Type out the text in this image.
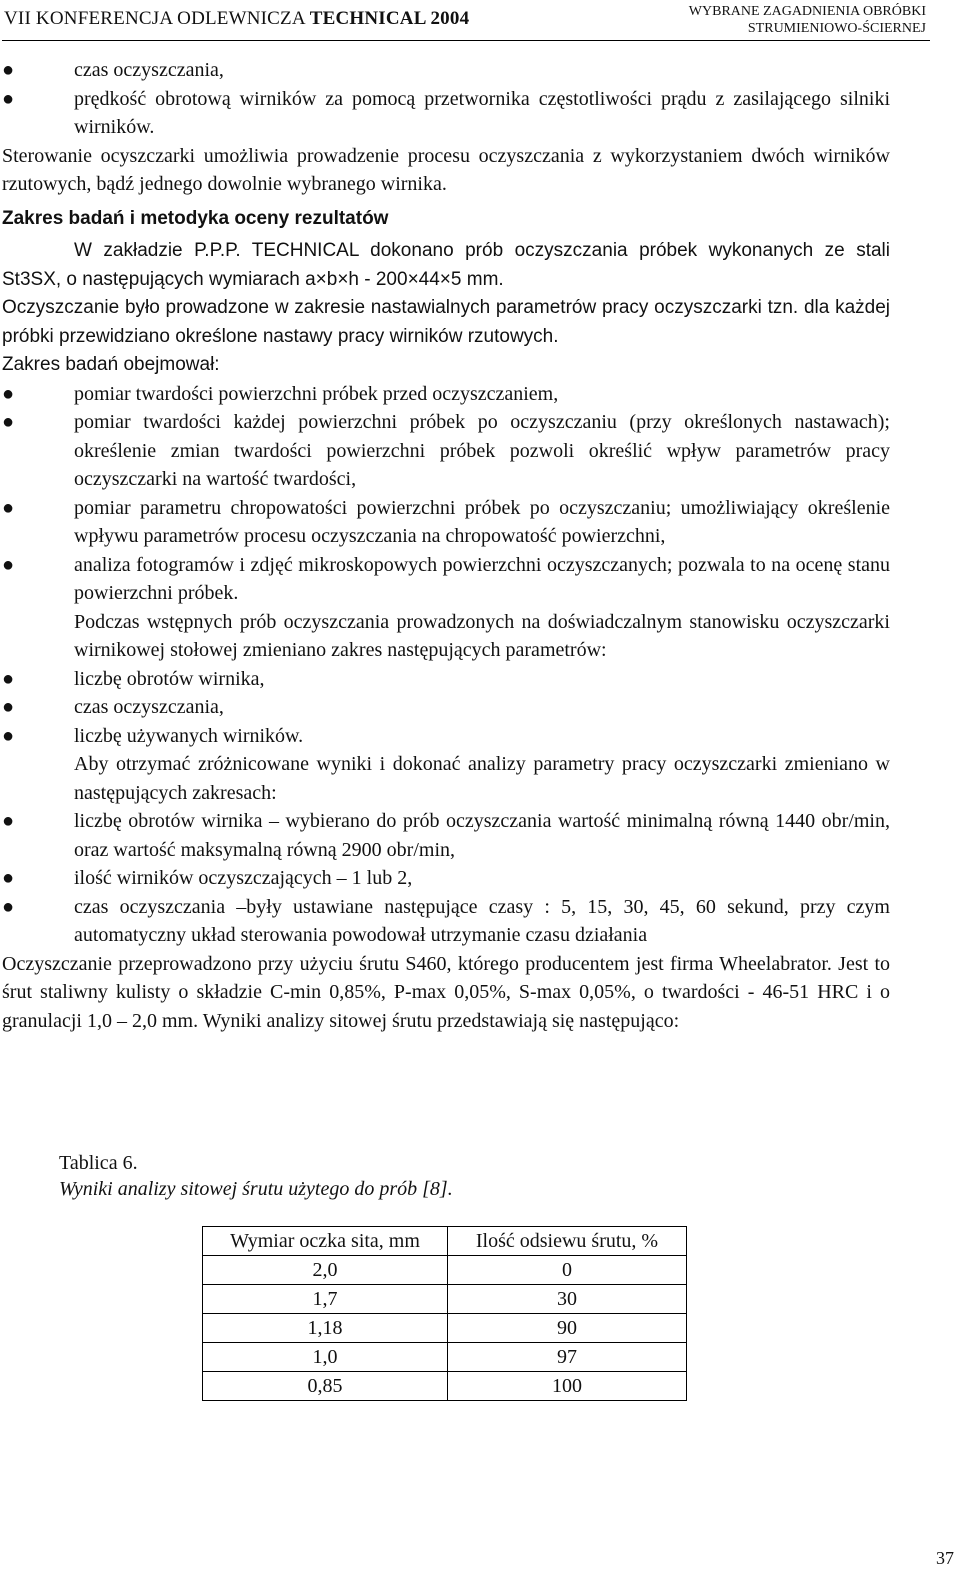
VII KONFERENCJA ODLEWNICZA TECHNICAL 2004	WYBRANE ZAGADNIENIA OBRÓBKI
STRUMIENIOWO-ŚCIERNEJ
●	czas oczyszczania,
●	prędkość obrotową wirników za pomocą przetwornika częstotliwości prądu z zasilającego silniki wirników.

Sterowanie ocyszczarki umożliwia prowadzenie procesu oczyszczania z wykorzystaniem dwóch wirników rzutowych, bądź jednego dowolnie wybranego wirnika.

Zakres badań i metodyka oceny rezultatów

W zakładzie P.P.P. TECHNICAL dokonano prób oczyszczania próbek wykonanych ze stali St3SX, o następujących wymiarach a×b×h - 200×44×5 mm.

Oczyszczanie było prowadzone w zakresie nastawialnych parametrów pracy oczyszczarki tzn. dla każdej próbki przewidziano określone nastawy pracy wirników rzutowych.

Zakres badań obejmował:

●	pomiar twardości powierzchni próbek przed oczyszczaniem,
●	pomiar twardości każdej powierzchni próbek po oczyszczaniu (przy określonych nastawach); określenie zmian twardości powierzchni próbek pozwoli określić wpływ parametrów pracy oczyszczarki na wartość twardości,
●	pomiar parametru chropowatości powierzchni próbek po oczyszczaniu; umożliwiający określenie wpływu parametrów procesu oczyszczania na chropowatość powierzchni,
●	analiza fotogramów i zdjęć mikroskopowych powierzchni oczyszczanych; pozwala to na ocenę stanu powierzchni próbek.

Podczas wstępnych prób oczyszczania prowadzonych na doświadczalnym stanowisku oczyszczarki wirnikowej stołowej zmieniano zakres następujących parametrów:

●	liczbę obrotów wirnika,
●	czas oczyszczania,
●	liczbę używanych wirników.

Aby otrzymać zróżnicowane wyniki i dokonać analizy parametry pracy oczyszczarki zmieniano w następujących zakresach:

●	liczbę obrotów wirnika – wybierano do prób oczyszczania wartość minimalną równą 1440 obr/min, oraz wartość maksymalną równą 2900 obr/min,
●	ilość wirników oczyszczających – 1 lub 2,
●	czas oczyszczania –były ustawiane następujące czasy : 5, 15, 30, 45, 60 sekund, przy czym automatyczny układ sterowania powodował utrzymanie czasu działania

Oczyszczanie przeprowadzono przy użyciu śrutu S460, którego producentem jest firma Wheelabrator. Jest to śrut staliwny kulisty o składzie C-min 0,85%, P-max 0,05%, S-max 0,05%, o twardości - 46-51 HRC i o granulacji 1,0 – 2,0 mm. Wyniki analizy sitowej śrutu przedstawiają się następująco:

Tablica 6.
Wyniki analizy sitowej śrutu użytego do prób [8].
Wymiar oczka sita, mm	Ilość odsiewu śrutu, %
2,0	0
1,7	30
1,18	90
1,0	97
0,85	100
37
